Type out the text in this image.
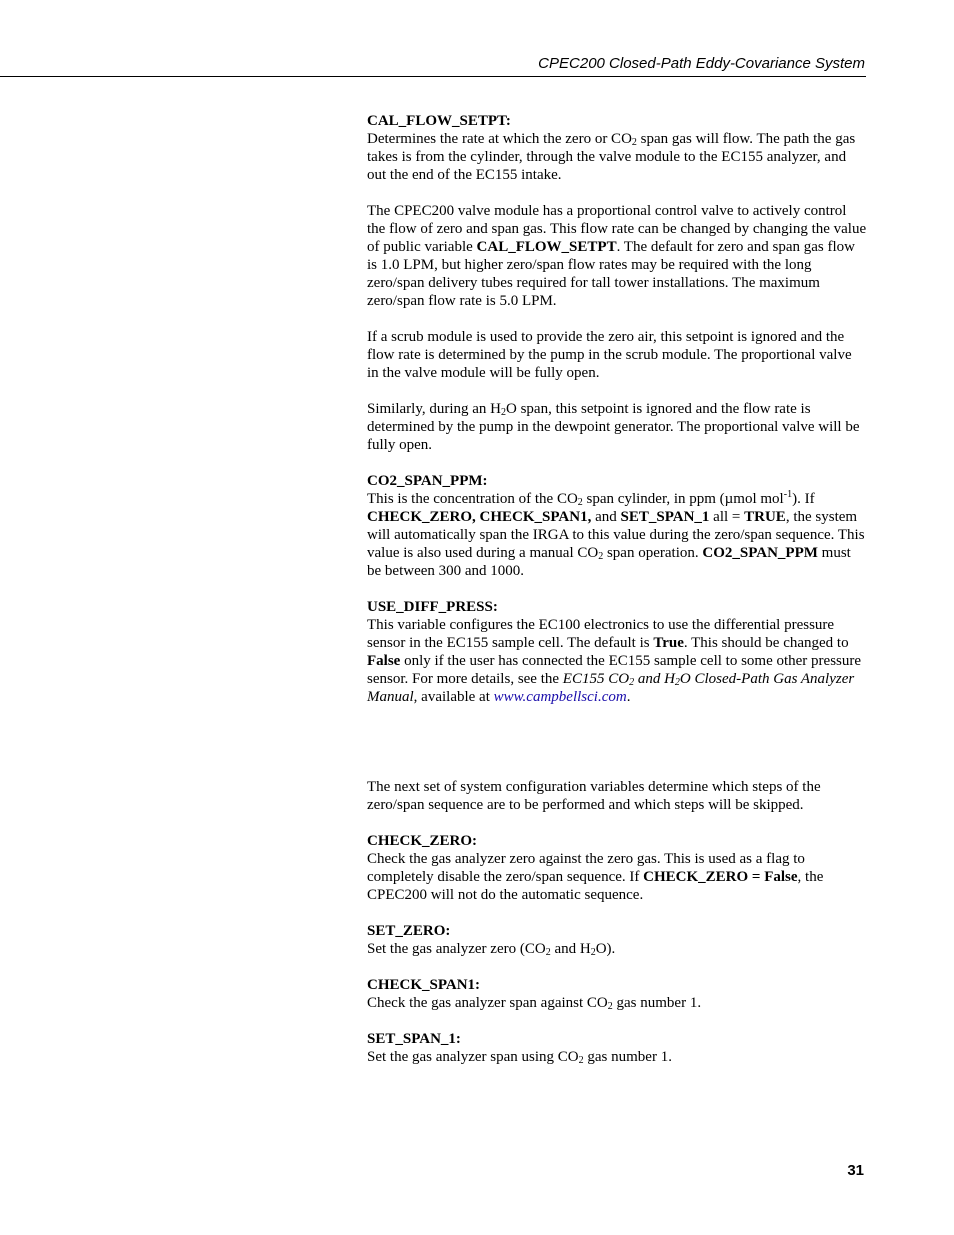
CPEC200 Closed-Path Eddy-Covariance System

CAL_FLOW_SETPT:

Determines the rate at which the zero or $CO_2$ span gas will flow. The path the gas takes is from the cylinder, through the valve module to the EC155 analyzer, and out the end of the EC155 intake.

The CPEC200 valve module has a proportional control valve to actively control the flow of zero and span gas. This flow rate can be changed by changing the value of public variable CAL_FLOW_SETPT. The default for zero and span gas flow is 1.0 LPM, but higher zero/span flow rates may be required with the long zero/span delivery tubes required for tall tower installations. The maximum zero/span flow rate is 5.0 LPM.

If a scrub module is used to provide the zero air, this setpoint is ignored and the flow rate is determined by the pump in the scrub module. The proportional valve in the valve module will be fully open.

Similarly, during an $H_2O$ span, this setpoint is ignored and the flow rate is determined by the pump in the dewpoint generator. The proportional valve will be fully open.

CO2_SPAN_PPM:

This is the concentration of the $CO_2$ span cylinder, in ppm (µmol mol$^{-1}$). If CHECK_ZERO, CHECK_SPAN1, and SET_SPAN_1 all = TRUE, the system will automatically span the IRGA to this value during the zero/span sequence. This value is also used during a manual $CO_2$ span operation. CO2_SPAN_PPM must be between 300 and 1000.

USE_DIFF_PRESS:

This variable configures the EC100 electronics to use the differential pressure sensor in the EC155 sample cell. The default is True. This should be changed to False only if the user has connected the EC155 sample cell to some other pressure sensor. For more details, see the EC155 $CO_2$ and $H_2O$ Closed-Path Gas Analyzer Manual, available at www.campbellsci.com.

The next set of system configuration variables determine which steps of the zero/span sequence are to be performed and which steps will be skipped.

CHECK_ZERO:

Check the gas analyzer zero against the zero gas. This is used as a flag to completely disable the zero/span sequence. If CHECK_ZERO = False, the CPEC200 will not do the automatic sequence.

SET_ZERO:

Set the gas analyzer zero ($CO_2$ and $H_2O$).

CHECK_SPAN1:

Check the gas analyzer span against $CO_2$ gas number 1.

SET_SPAN_1:

Set the gas analyzer span using $CO_2$ gas number 1.

31
